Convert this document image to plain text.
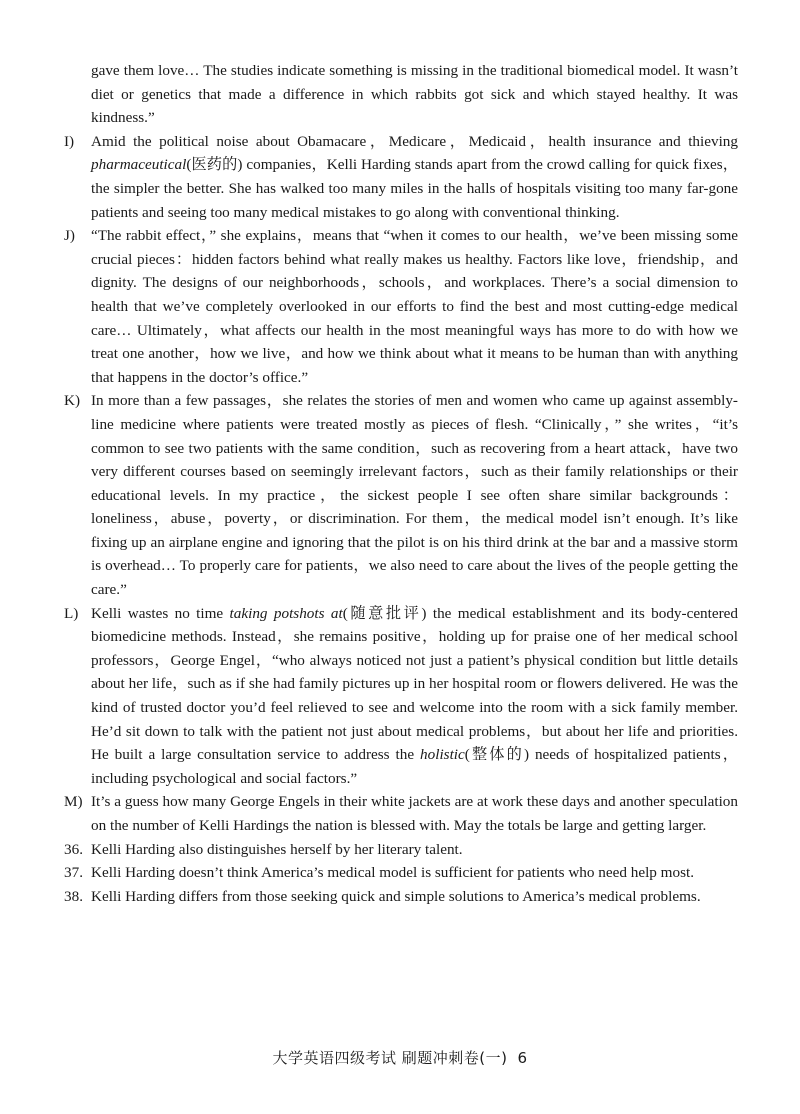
gave them love… The studies indicate something is missing in the traditional biomedical model. It wasn’t diet or genetics that made a difference in which rabbits got sick and which stayed healthy. It was kindness.”
I) Amid the political noise about Obamacare，Medicare，Medicaid，health insurance and thieving pharmaceutical(医药的) companies，Kelli Harding stands apart from the crowd calling for quick fixes，the simpler the better. She has walked too many miles in the halls of hospitals visiting too many far-gone patients and seeing too many medical mistakes to go along with conventional thinking.
J) “The rabbit effect，” she explains，means that “when it comes to our health，we’ve been missing some crucial pieces：hidden factors behind what really makes us healthy. Factors like love，friendship，and dignity. The designs of our neighborhoods，schools，and workplaces. There’s a social dimension to health that we’ve completely overlooked in our efforts to find the best and most cutting-edge medical care… Ultimately，what affects our health in the most meaningful ways has more to do with how we treat one another，how we live，and how we think about what it means to be human than with anything that happens in the doctor’s office.”
K) In more than a few passages，she relates the stories of men and women who came up against assembly-line medicine where patients were treated mostly as pieces of flesh. “Clinically，” she writes，“it’s common to see two patients with the same condition，such as recovering from a heart attack，have two very different courses based on seemingly irrelevant factors，such as their family relationships or their educational levels. In my practice，the sickest people I see often share similar backgrounds：loneliness，abuse，poverty，or discrimination. For them，the medical model isn’t enough. It’s like fixing up an airplane engine and ignoring that the pilot is on his third drink at the bar and a massive storm is overhead… To properly care for patients，we also need to care about the lives of the people getting the care.”
L) Kelli wastes no time taking potshots at(随意批评) the medical establishment and its body-centered biomedicine methods. Instead，she remains positive，holding up for praise one of her medical school professors，George Engel，“who always noticed not just a patient’s physical condition but little details about her life，such as if she had family pictures up in her hospital room or flowers delivered. He was the kind of trusted doctor you’d feel relieved to see and welcome into the room with a sick family member. He’d sit down to talk with the patient not just about medical problems，but about her life and priorities. He built a large consultation service to address the holistic(整体的) needs of hospitalized patients，including psychological and social factors.”
M) It’s a guess how many George Engels in their white jackets are at work these days and another speculation on the number of Kelli Hardings the nation is blessed with. May the totals be large and getting larger.
36. Kelli Harding also distinguishes herself by her literary talent.
37. Kelli Harding doesn’t think America’s medical model is sufficient for patients who need help most.
38. Kelli Harding differs from those seeking quick and simple solutions to America’s medical problems.
大学英语四级考试 刷题冲刺卷(一) 6
